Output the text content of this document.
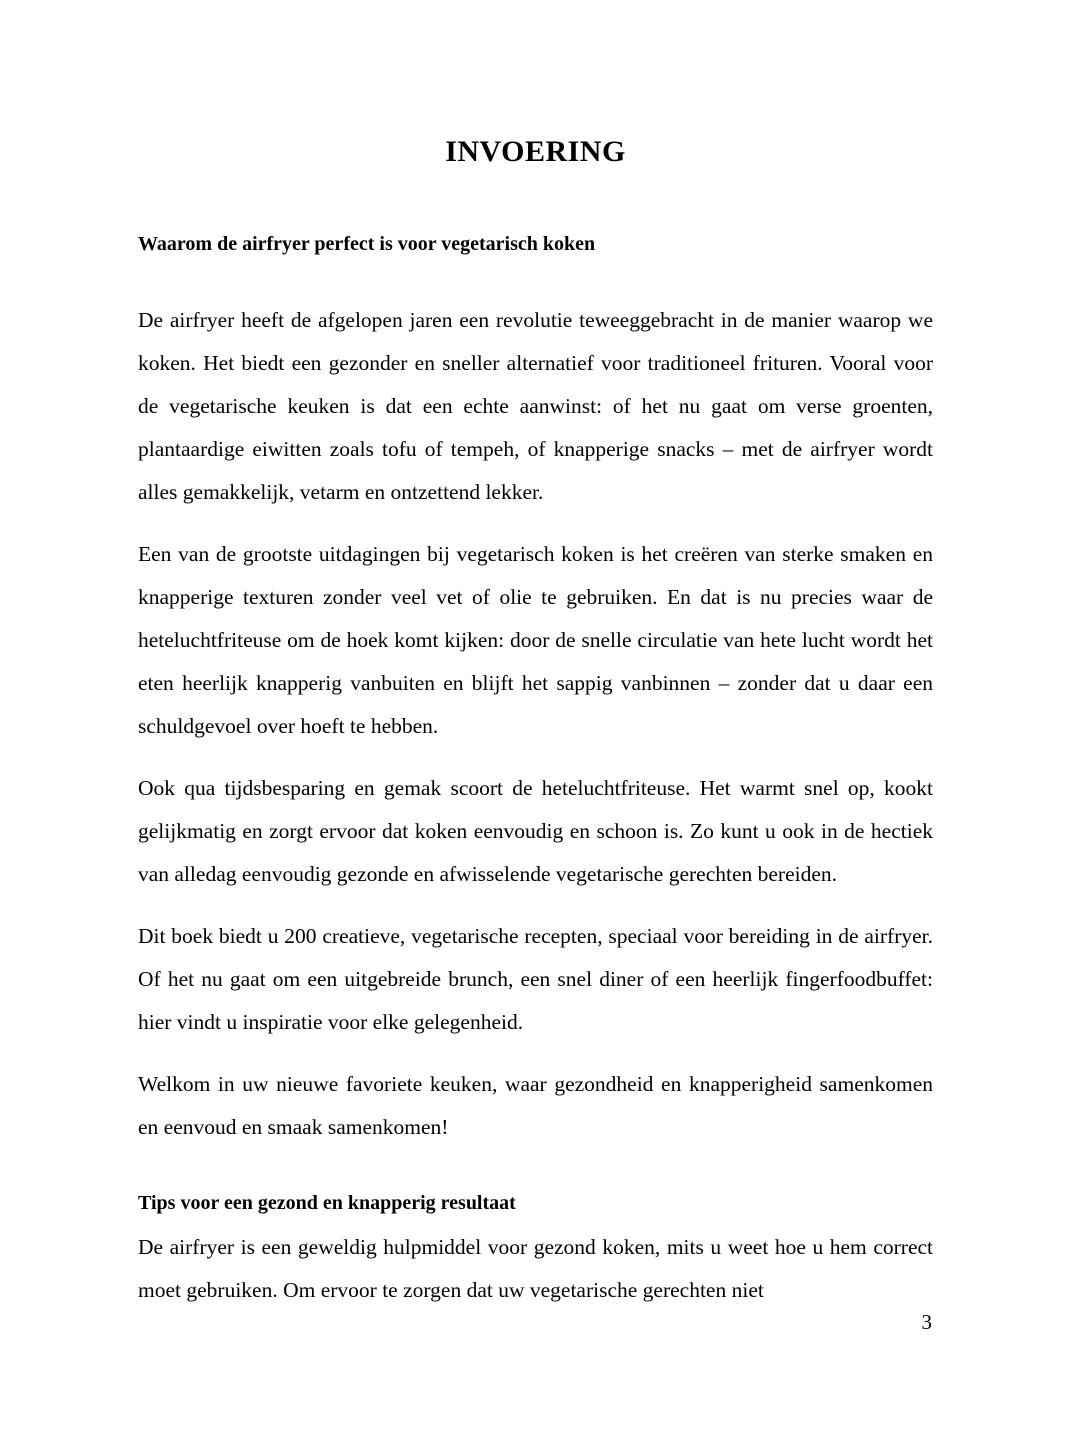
INVOERING
Waarom de airfryer perfect is voor vegetarisch koken

De airfryer heeft de afgelopen jaren een revolutie teweeggebracht in de manier waarop we koken. Het biedt een gezonder en sneller alternatief voor traditioneel frituren. Vooral voor de vegetarische keuken is dat een echte aanwinst: of het nu gaat om verse groenten, plantaardige eiwitten zoals tofu of tempeh, of knapperige snacks – met de airfryer wordt alles gemakkelijk, vetarm en ontzettend lekker.

Een van de grootste uitdagingen bij vegetarisch koken is het creëren van sterke smaken en knapperige texturen zonder veel vet of olie te gebruiken. En dat is nu precies waar de heteluchtfriteuse om de hoek komt kijken: door de snelle circulatie van hete lucht wordt het eten heerlijk knapperig vanbuiten en blijft het sappig vanbinnen – zonder dat u daar een schuldgevoel over hoeft te hebben.

Ook qua tijdsbesparing en gemak scoort de heteluchtfriteuse. Het warmt snel op, kookt gelijkmatig en zorgt ervoor dat koken eenvoudig en schoon is. Zo kunt u ook in de hectiek van alledag eenvoudig gezonde en afwisselende vegetarische gerechten bereiden.

Dit boek biedt u 200 creatieve, vegetarische recepten, speciaal voor bereiding in de airfryer. Of het nu gaat om een uitgebreide brunch, een snel diner of een heerlijk fingerfoodbuffet: hier vindt u inspiratie voor elke gelegenheid.

Welkom in uw nieuwe favoriete keuken, waar gezondheid en knapperigheid samenkomen en eenvoud en smaak samenkomen!

Tips voor een gezond en knapperig resultaat

De airfryer is een geweldig hulpmiddel voor gezond koken, mits u weet hoe u hem correct moet gebruiken. Om ervoor te zorgen dat uw vegetarische gerechten niet

3
